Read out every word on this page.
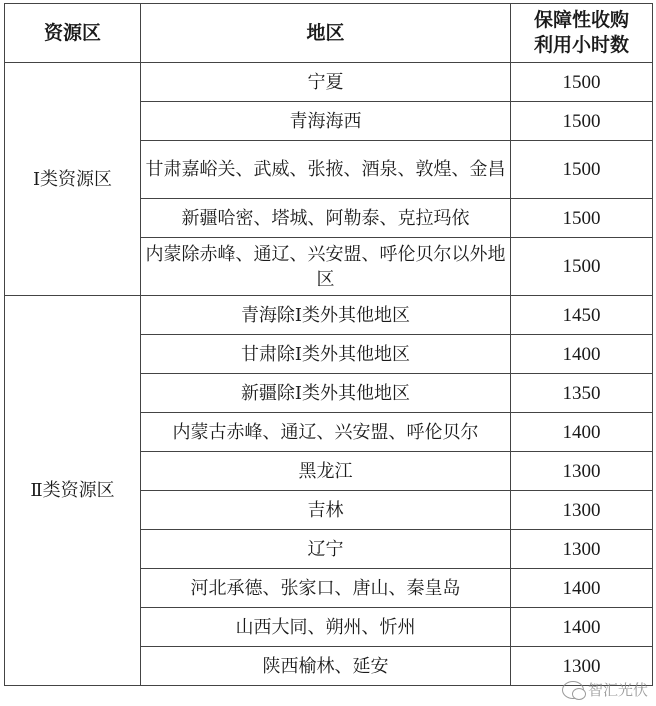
资源区	地区	保障性收购
利用小时数
Ⅰ类资源区	宁夏	1500
	青海海西	1500
	甘肃嘉峪关、武威、张掖、酒泉、敦煌、金昌	1500
	新疆哈密、塔城、阿勒泰、克拉玛依	1500
	内蒙除赤峰、通辽、兴安盟、呼伦贝尔以外地区	1500
Ⅱ类资源区	青海除Ⅰ类外其他地区	1450
	甘肃除Ⅰ类外其他地区	1400
	新疆除Ⅰ类外其他地区	1350
	内蒙古赤峰、通辽、兴安盟、呼伦贝尔	1400
	黑龙江	1300
	吉林	1300
	辽宁	1300
	河北承德、张家口、唐山、秦皇岛	1400
	山西大同、朔州、忻州	1400
	陕西榆林、延安	1300
智汇光伏
